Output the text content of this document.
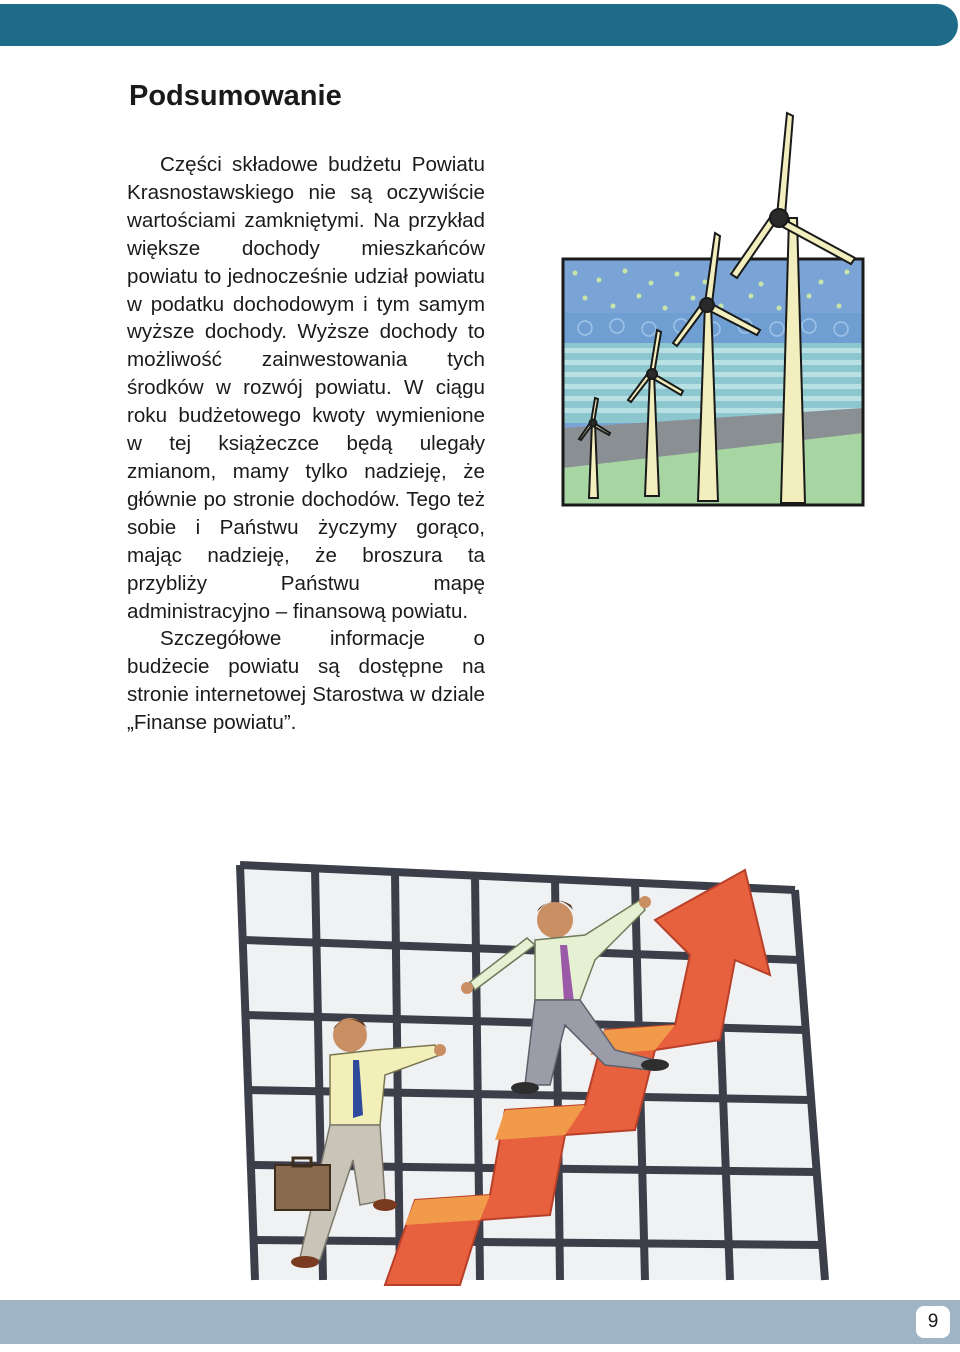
Podsumowanie

Części składowe budżetu Powiatu Krasnostawskiego nie są oczywiście wartościami zamkniętymi. Na przykład większe dochody mieszkańców powiatu to jednocześnie udział powiatu w podatku dochodowym i tym samym wyższe dochody. Wyższe dochody to możliwość zainwestowania tych środków w rozwój powiatu. W ciągu roku budżetowego kwoty wymienione w tej książeczce będą ulegały zmianom, mamy tylko nadzieję, że głównie po stronie dochodów. Tego też sobie i Państwu życzymy gorąco, mając nadzieję, że broszura ta przybliży Państwu mapę administracyjno – finansową powiatu.

Szczegółowe informacje o budżecie powiatu są dostępne na stronie internetowej Starostwa w dziale „Finanse powiatu”.

9
